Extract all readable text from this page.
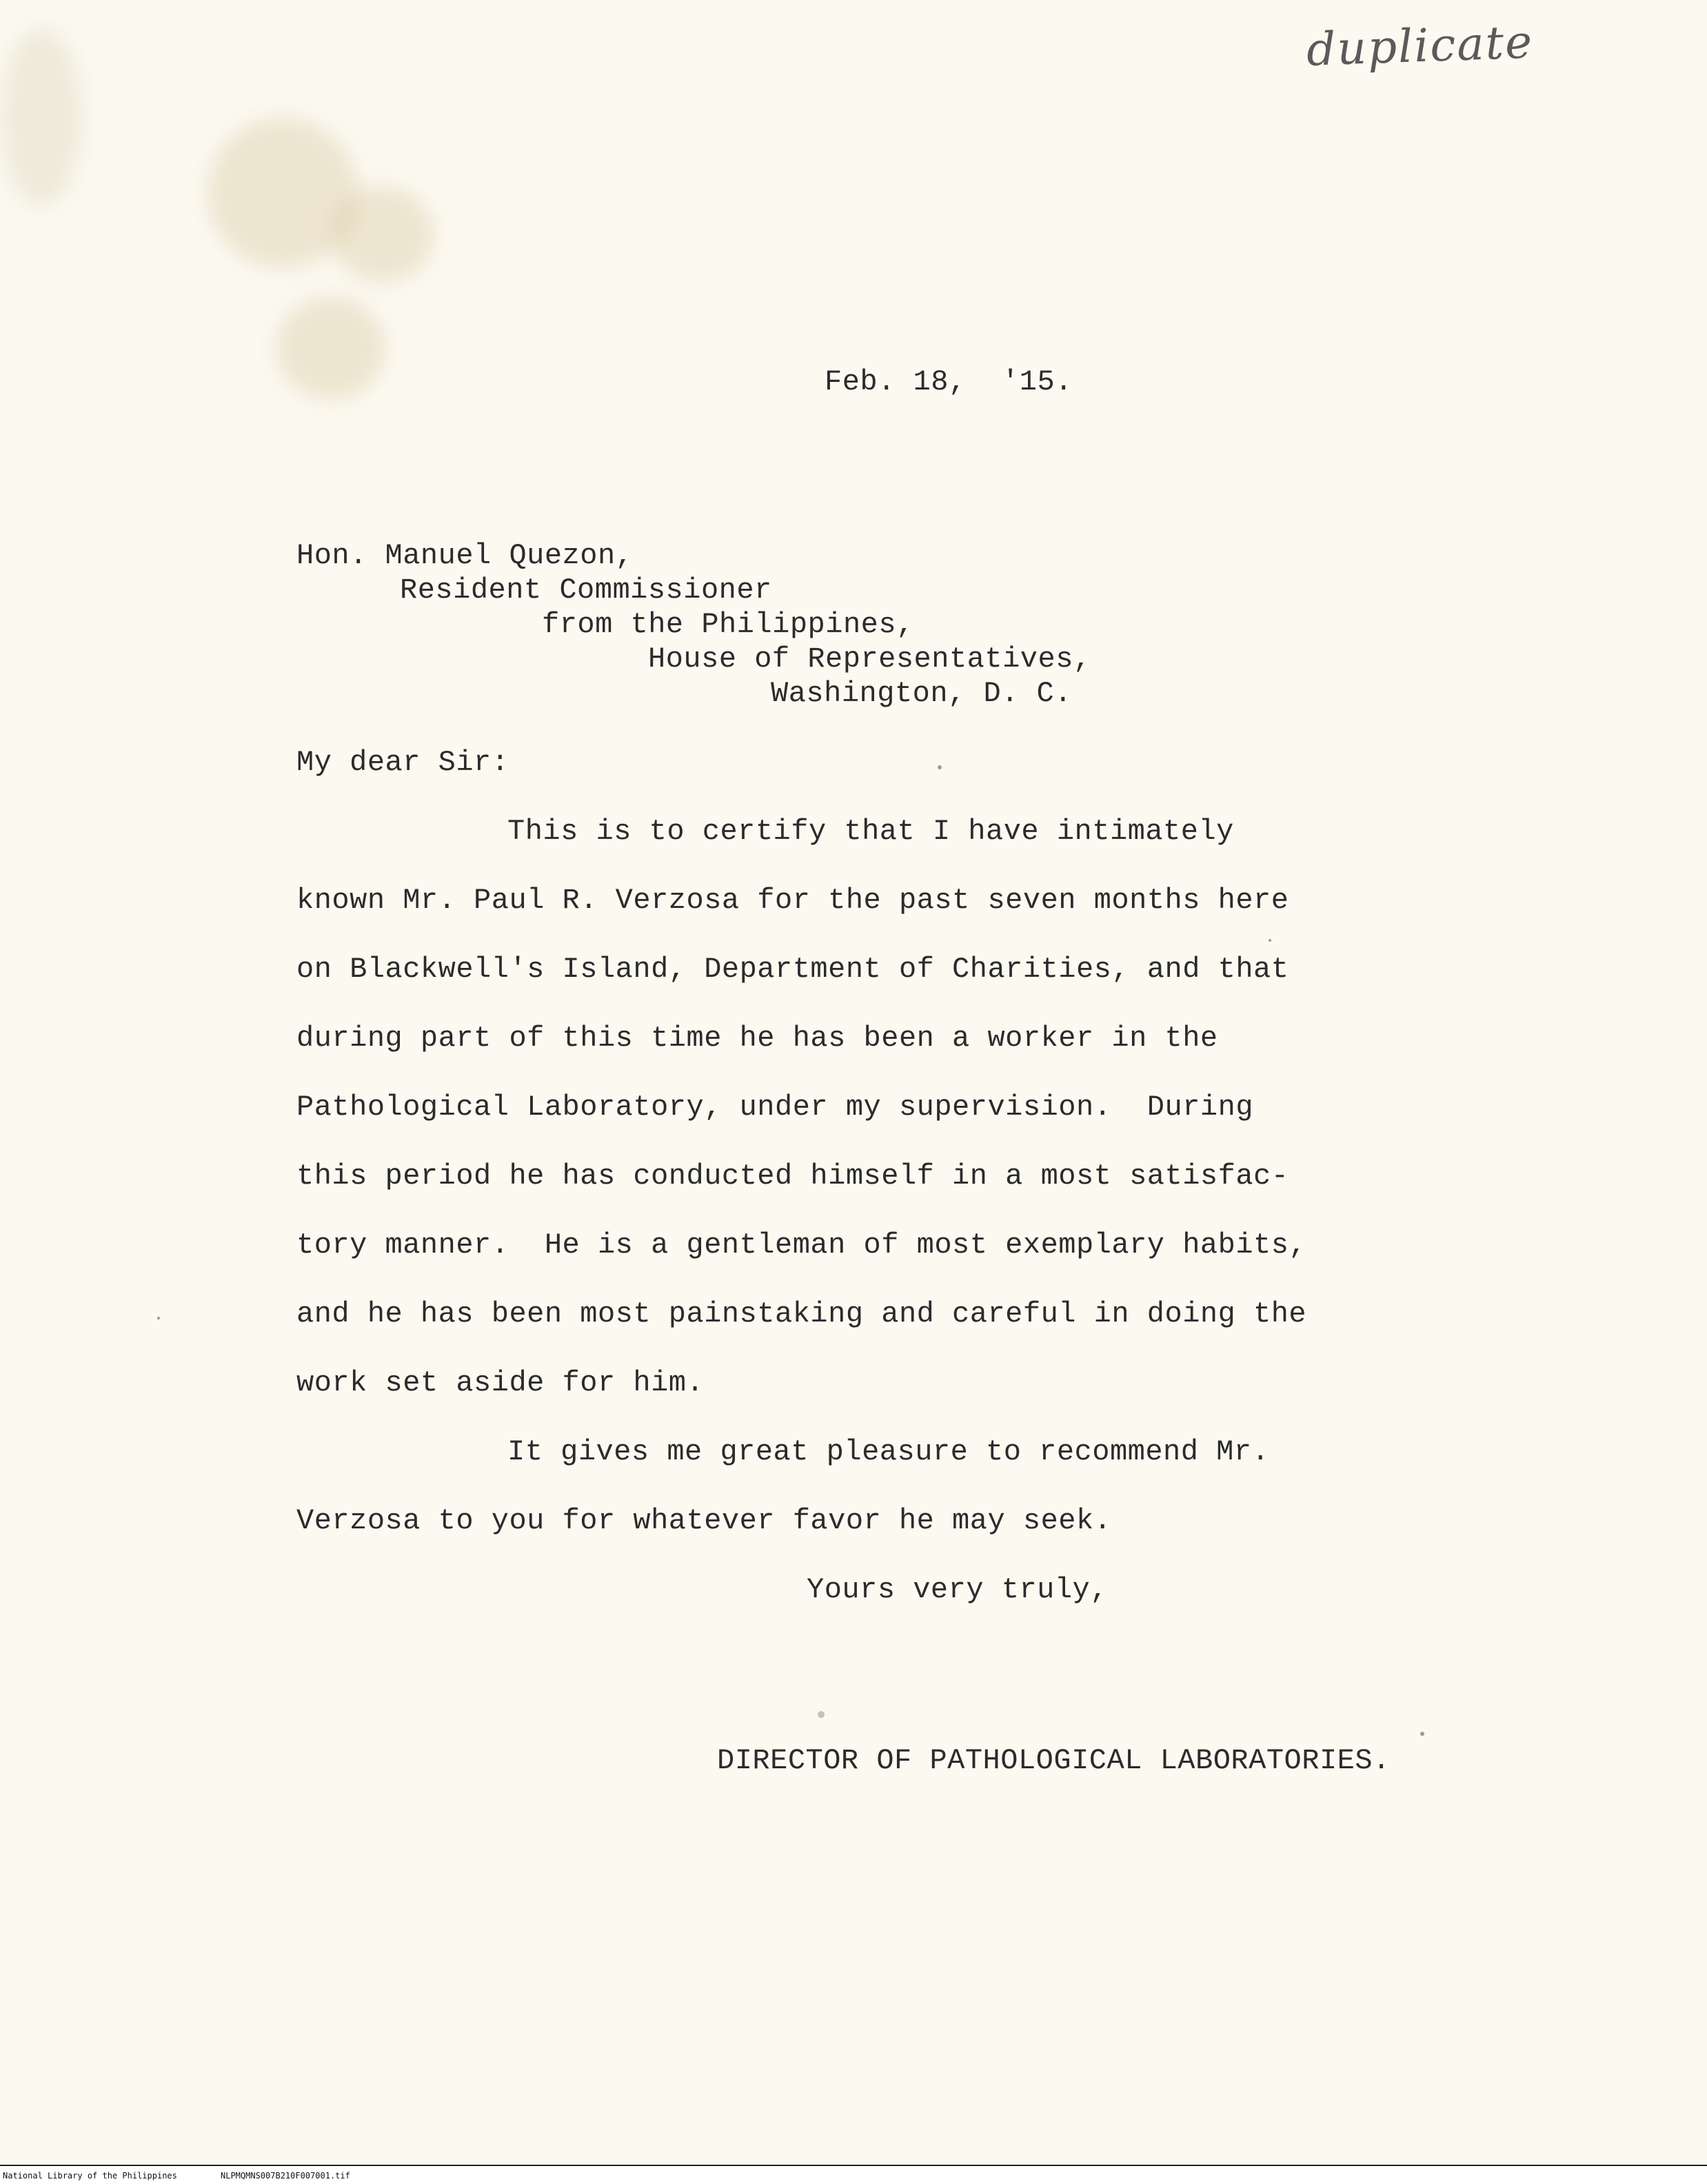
duplicate
Feb. 18,  '15.
Hon. Manuel Quezon,
Resident Commissioner
from the Philippines,
House of Representatives,
Washington, D. C.
My dear Sir:
This is to certify that I have intimately
known Mr. Paul R. Verzosa for the past seven months here
on Blackwell's Island, Department of Charities, and that
during part of this time he has been a worker in the
Pathological Laboratory, under my supervision.  During
this period he has conducted himself in a most satisfac-
tory manner.  He is a gentleman of most exemplary habits,
and he has been most painstaking and careful in doing the
work set aside for him.
It gives me great pleasure to recommend Mr.
Verzosa to you for whatever favor he may seek.
Yours very truly,
DIRECTOR OF PATHOLOGICAL LABORATORIES.
National Library of the Philippines	NLPMQMNS007B210F007001.tif
